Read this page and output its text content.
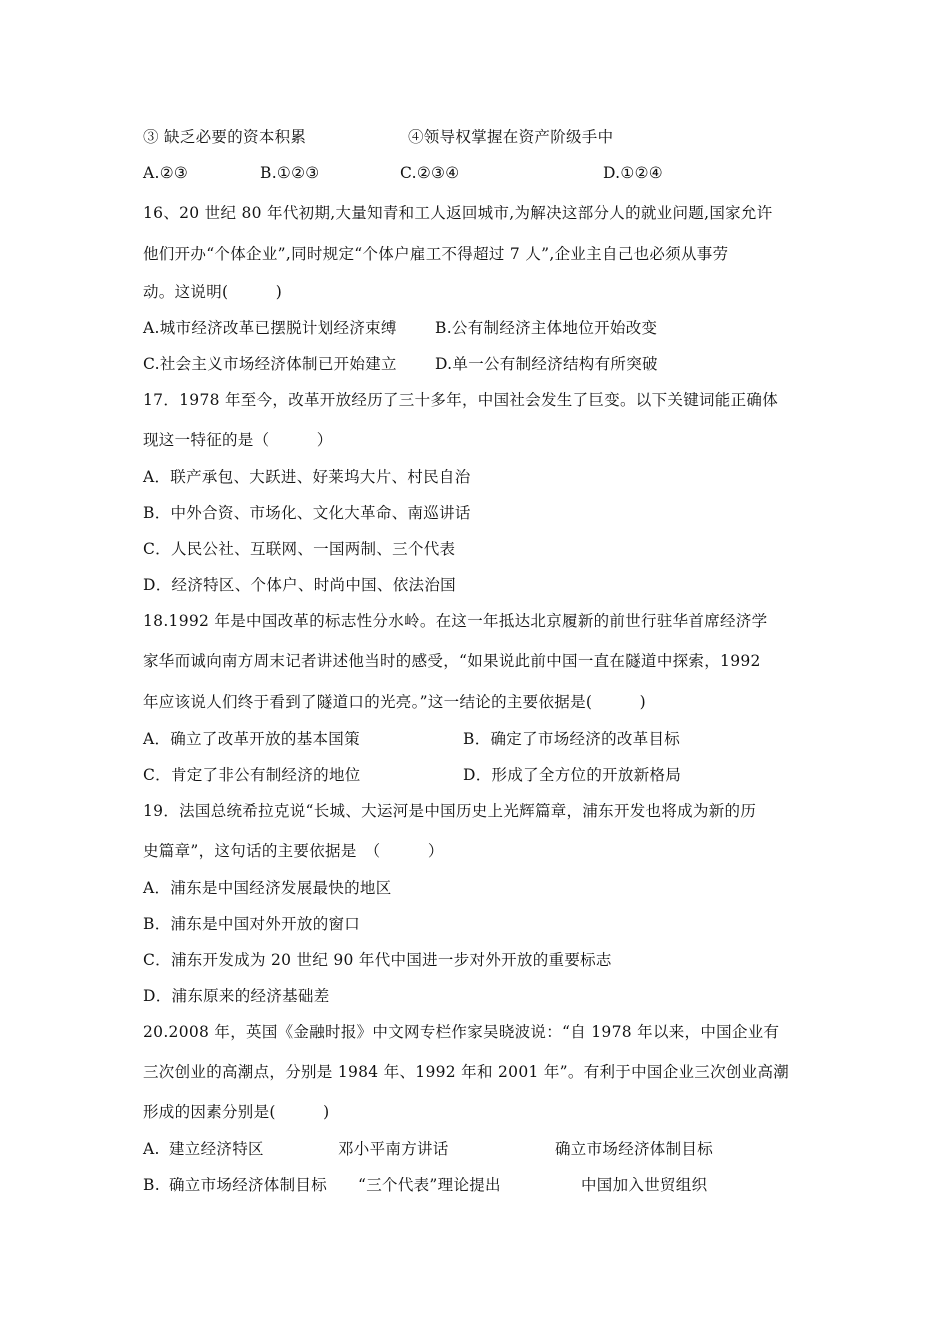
③ 缺乏必要的资本积累	④领导权掌握在资产阶级手中
A.②③	B.①②③	C.②③④	D.①②④
16、20 世纪 80 年代初期,大量知青和工人返回城市,为解决这部分人的就业问题,国家允许
他们开办“个体企业”,同时规定“个体户雇工不得超过 7 人”,企业主自己也必须从事劳
动。这说明(　　　)
A.城市经济改革已摆脱计划经济束缚 B.公有制经济主体地位开始改变
C.社会主义市场经济体制已开始建立 D.单一公有制经济结构有所突破
17．1978 年至今，改革开放经历了三十多年，中国社会发生了巨变。以下关键词能正确体
现这一特征的是（　　　）
A．联产承包、大跃进、好莱坞大片、村民自治
B．中外合资、市场化、文化大革命、南巡讲话
C．人民公社、互联网、一国两制、三个代表
D．经济特区、个体户、时尚中国、依法治国
18.1992 年是中国改革的标志性分水岭。在这一年抵达北京履新的前世行驻华首席经济学
家华而诚向南方周末记者讲述他当时的感受，“如果说此前中国一直在隧道中探索，1992
年应该说人们终于看到了隧道口的光亮。”这一结论的主要依据是(　　　)
A．确立了改革开放的基本国策	B．确定了市场经济的改革目标
C．肯定了非公有制经济的地位	D．形成了全方位的开放新格局
19．法国总统希拉克说“长城、大运河是中国历史上光辉篇章，浦东开发也将成为新的历
史篇章”，这句话的主要依据是　（　　　）
A．浦东是中国经济发展最快的地区
B．浦东是中国对外开放的窗口
C．浦东开发成为 20 世纪 90 年代中国进一步对外开放的重要标志
D．浦东原来的经济基础差
20.2008 年，英国《金融时报》中文网专栏作家吴晓波说：“自 1978 年以来，中国企业有
三次创业的高潮点，分别是 1984 年、1992 年和 2001 年”。有利于中国企业三次创业高潮
形成的因素分别是(　　　)
A. 建立经济特区	邓小平南方讲话	确立市场经济体制目标
B. 确立市场经济体制目标 “三个代表”理论提出	中国加入世贸组织
